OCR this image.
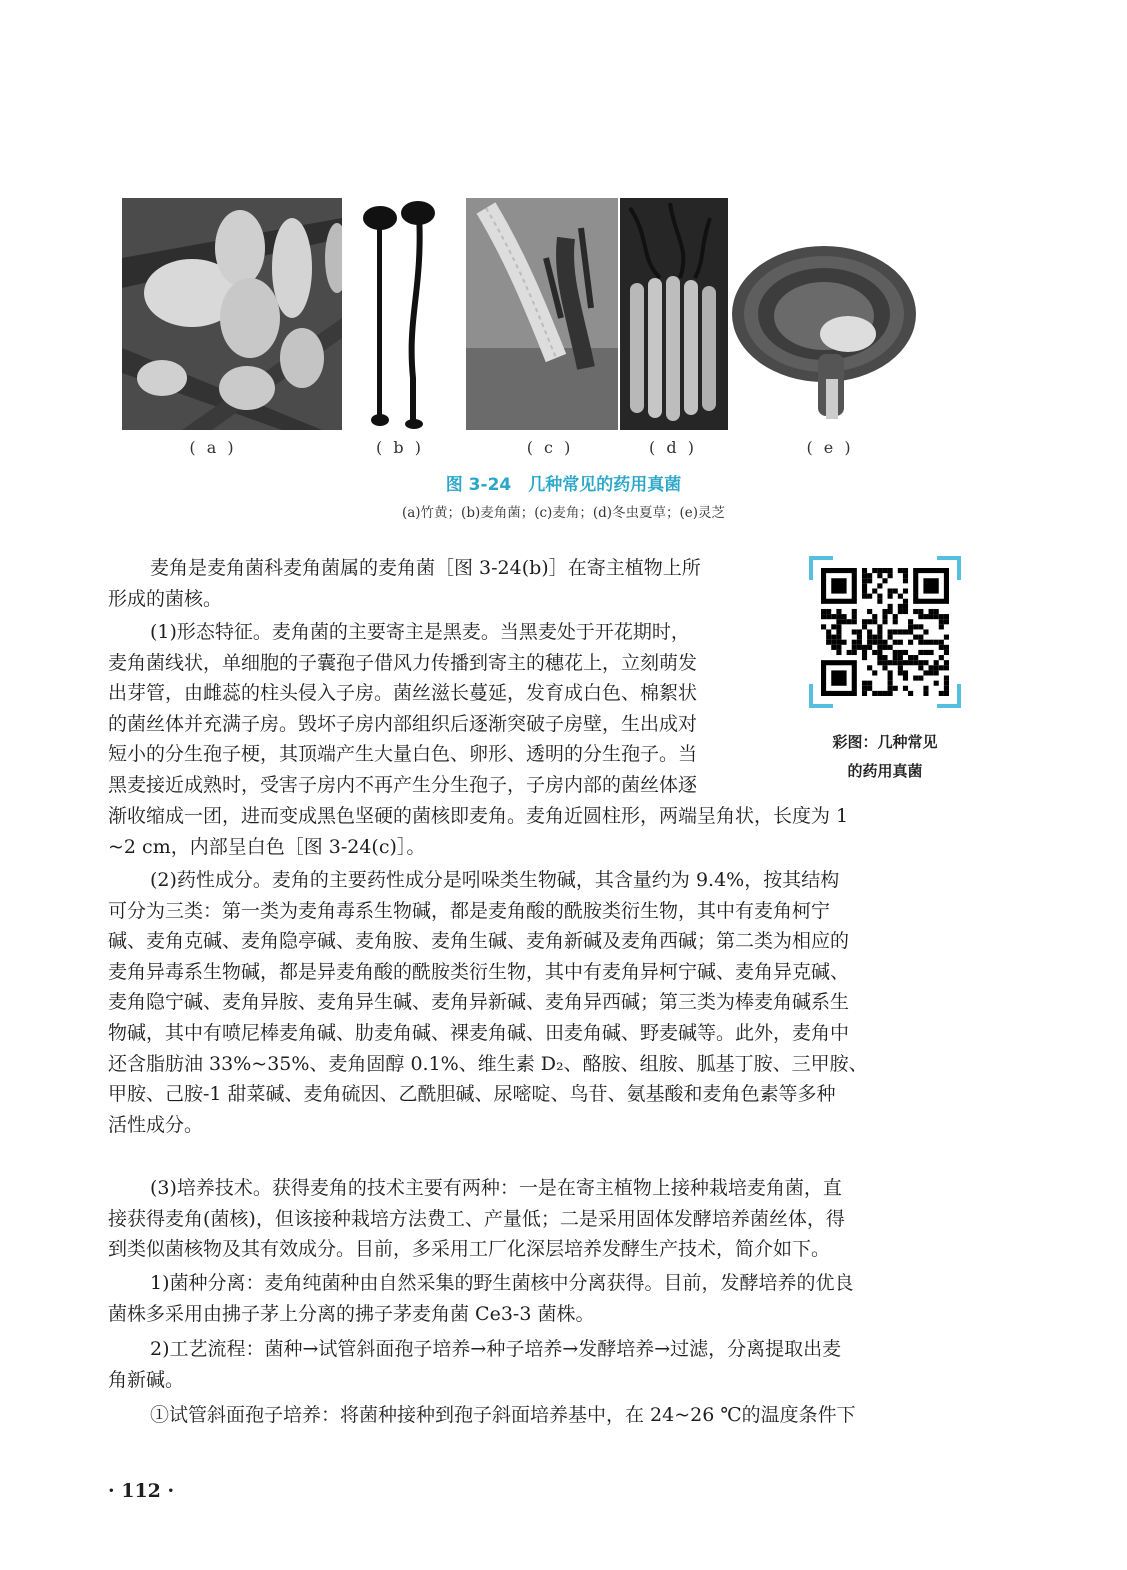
( a )	( b )	( c )	( d )	( e )
图 3-24　几种常见的药用真菌
(a)竹黄；(b)麦角菌；(c)麦角；(d)冬虫夏草；(e)灵芝
彩图：几种常见
的药用真菌
麦角是麦角菌科麦角菌属的麦角菌［图 3-24(b)］在寄主植物上所
形成的菌核。
(1)形态特征。麦角菌的主要寄主是黑麦。当黑麦处于开花期时，
麦角菌线状，单细胞的子囊孢子借风力传播到寄主的穗花上，立刻萌发
出芽管，由雌蕊的柱头侵入子房。菌丝滋长蔓延，发育成白色、棉絮状
的菌丝体并充满子房。毁坏子房内部组织后逐渐突破子房壁，生出成对
短小的分生孢子梗，其顶端产生大量白色、卵形、透明的分生孢子。当
黑麦接近成熟时，受害子房内不再产生分生孢子，子房内部的菌丝体逐
渐收缩成一团，进而变成黑色坚硬的菌核即麦角。麦角近圆柱形，两端呈角状，长度为 1
~2 cm，内部呈白色［图 3-24(c)］。
(2)药性成分。麦角的主要药性成分是吲哚类生物碱，其含量约为 9.4%，按其结构
可分为三类：第一类为麦角毒系生物碱，都是麦角酸的酰胺类衍生物，其中有麦角柯宁
碱、麦角克碱、麦角隐亭碱、麦角胺、麦角生碱、麦角新碱及麦角西碱；第二类为相应的
麦角异毒系生物碱，都是异麦角酸的酰胺类衍生物，其中有麦角异柯宁碱、麦角异克碱、
麦角隐宁碱、麦角异胺、麦角异生碱、麦角异新碱、麦角异西碱；第三类为棒麦角碱系生
物碱，其中有喷尼棒麦角碱、肋麦角碱、裸麦角碱、田麦角碱、野麦碱等。此外，麦角中
还含脂肪油 33%~35%、麦角固醇 0.1%、维生素 D₂、酪胺、组胺、胍基丁胺、三甲胺、
甲胺、己胺-1 甜菜碱、麦角硫因、乙酰胆碱、尿嘧啶、鸟苷、氨基酸和麦角色素等多种
活性成分。
(3)培养技术。获得麦角的技术主要有两种：一是在寄主植物上接种栽培麦角菌，直
接获得麦角(菌核)，但该接种栽培方法费工、产量低；二是采用固体发酵培养菌丝体，得
到类似菌核物及其有效成分。目前，多采用工厂化深层培养发酵生产技术，简介如下。
1)菌种分离：麦角纯菌种由自然采集的野生菌核中分离获得。目前，发酵培养的优良
菌株多采用由拂子茅上分离的拂子茅麦角菌 Ce3-3 菌株。
2)工艺流程：菌种→试管斜面孢子培养→种子培养→发酵培养→过滤，分离提取出麦
角新碱。
①试管斜面孢子培养：将菌种接种到孢子斜面培养基中，在 24~26 ℃的温度条件下
· 112 ·
